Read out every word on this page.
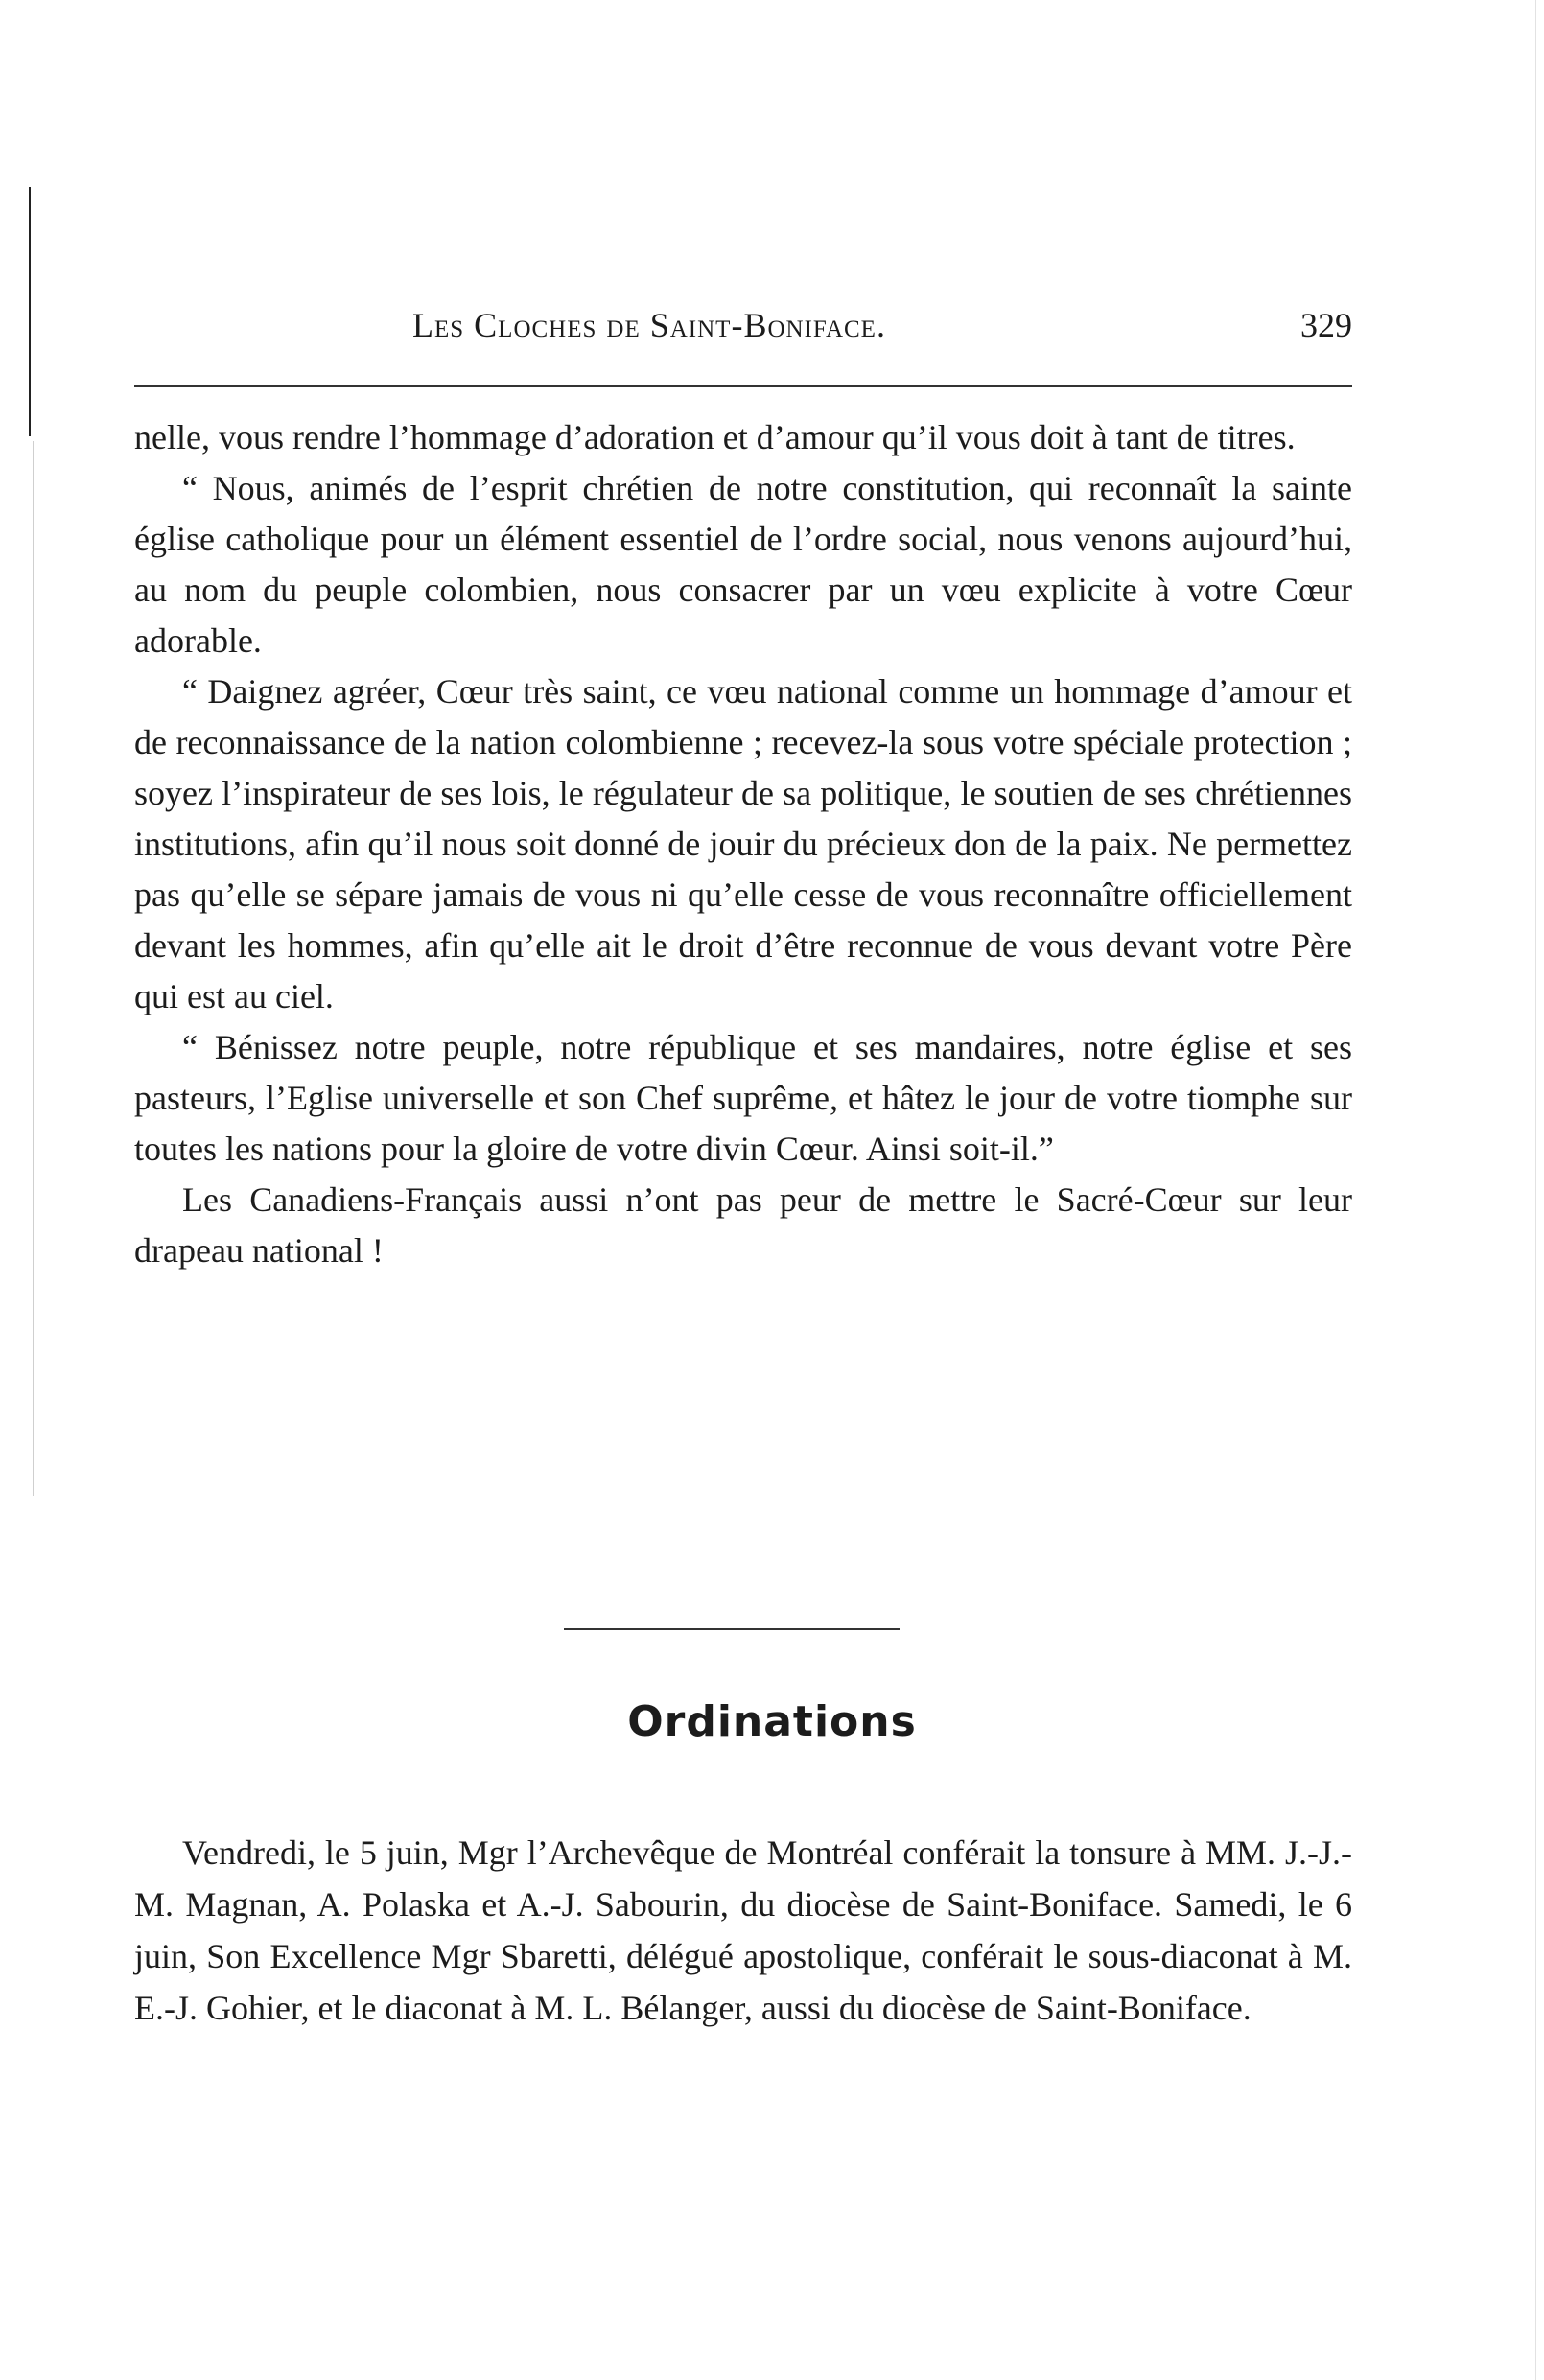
Les Cloches de Saint-Boniface.	329

nelle, vous rendre l’hommage d’adoration et d’amour qu’il vous doit à tant de titres.

“ Nous, animés de l’esprit chrétien de notre constitution, qui reconnaît la sainte église catholique pour un élément essentiel de l’ordre social, nous venons aujourd’hui, au nom du peuple colombien, nous consacrer par un vœu explicite à votre Cœur adorable.

“ Daignez agréer, Cœur très saint, ce vœu national comme un hommage d’amour et de reconnaissance de la nation colombienne ; recevez-la sous votre spéciale protection ; soyez l’inspirateur de ses lois, le régulateur de sa politique, le soutien de ses chrétiennes institutions, afin qu’il nous soit donné de jouir du précieux don de la paix. Ne permettez pas qu’elle se sépare jamais de vous ni qu’elle cesse de vous reconnaître officiellement devant les hommes, afin qu’elle ait le droit d’être reconnue de vous devant votre Père qui est au ciel.

“ Bénissez notre peuple, notre république et ses mandaires, notre église et ses pasteurs, l’Eglise universelle et son Chef suprême, et hâtez le jour de votre tiomphe sur toutes les nations pour la gloire de votre divin Cœur. Ainsi soit-il.”

Les Canadiens-Français aussi n’ont pas peur de mettre le Sacré-Cœur sur leur drapeau national !

Ordinations

Vendredi, le 5 juin, Mgr l’Archevêque de Montréal conférait la tonsure à MM. J.-J.-M. Magnan, A. Polaska et A.-J. Sabourin, du diocèse de Saint-Boniface. Samedi, le 6 juin, Son Excellence Mgr Sbaretti, délégué apostolique, conférait le sous-diaconat à M. E.-J. Gohier, et le diaconat à M. L. Bélanger, aussi du diocèse de Saint-Boniface.
